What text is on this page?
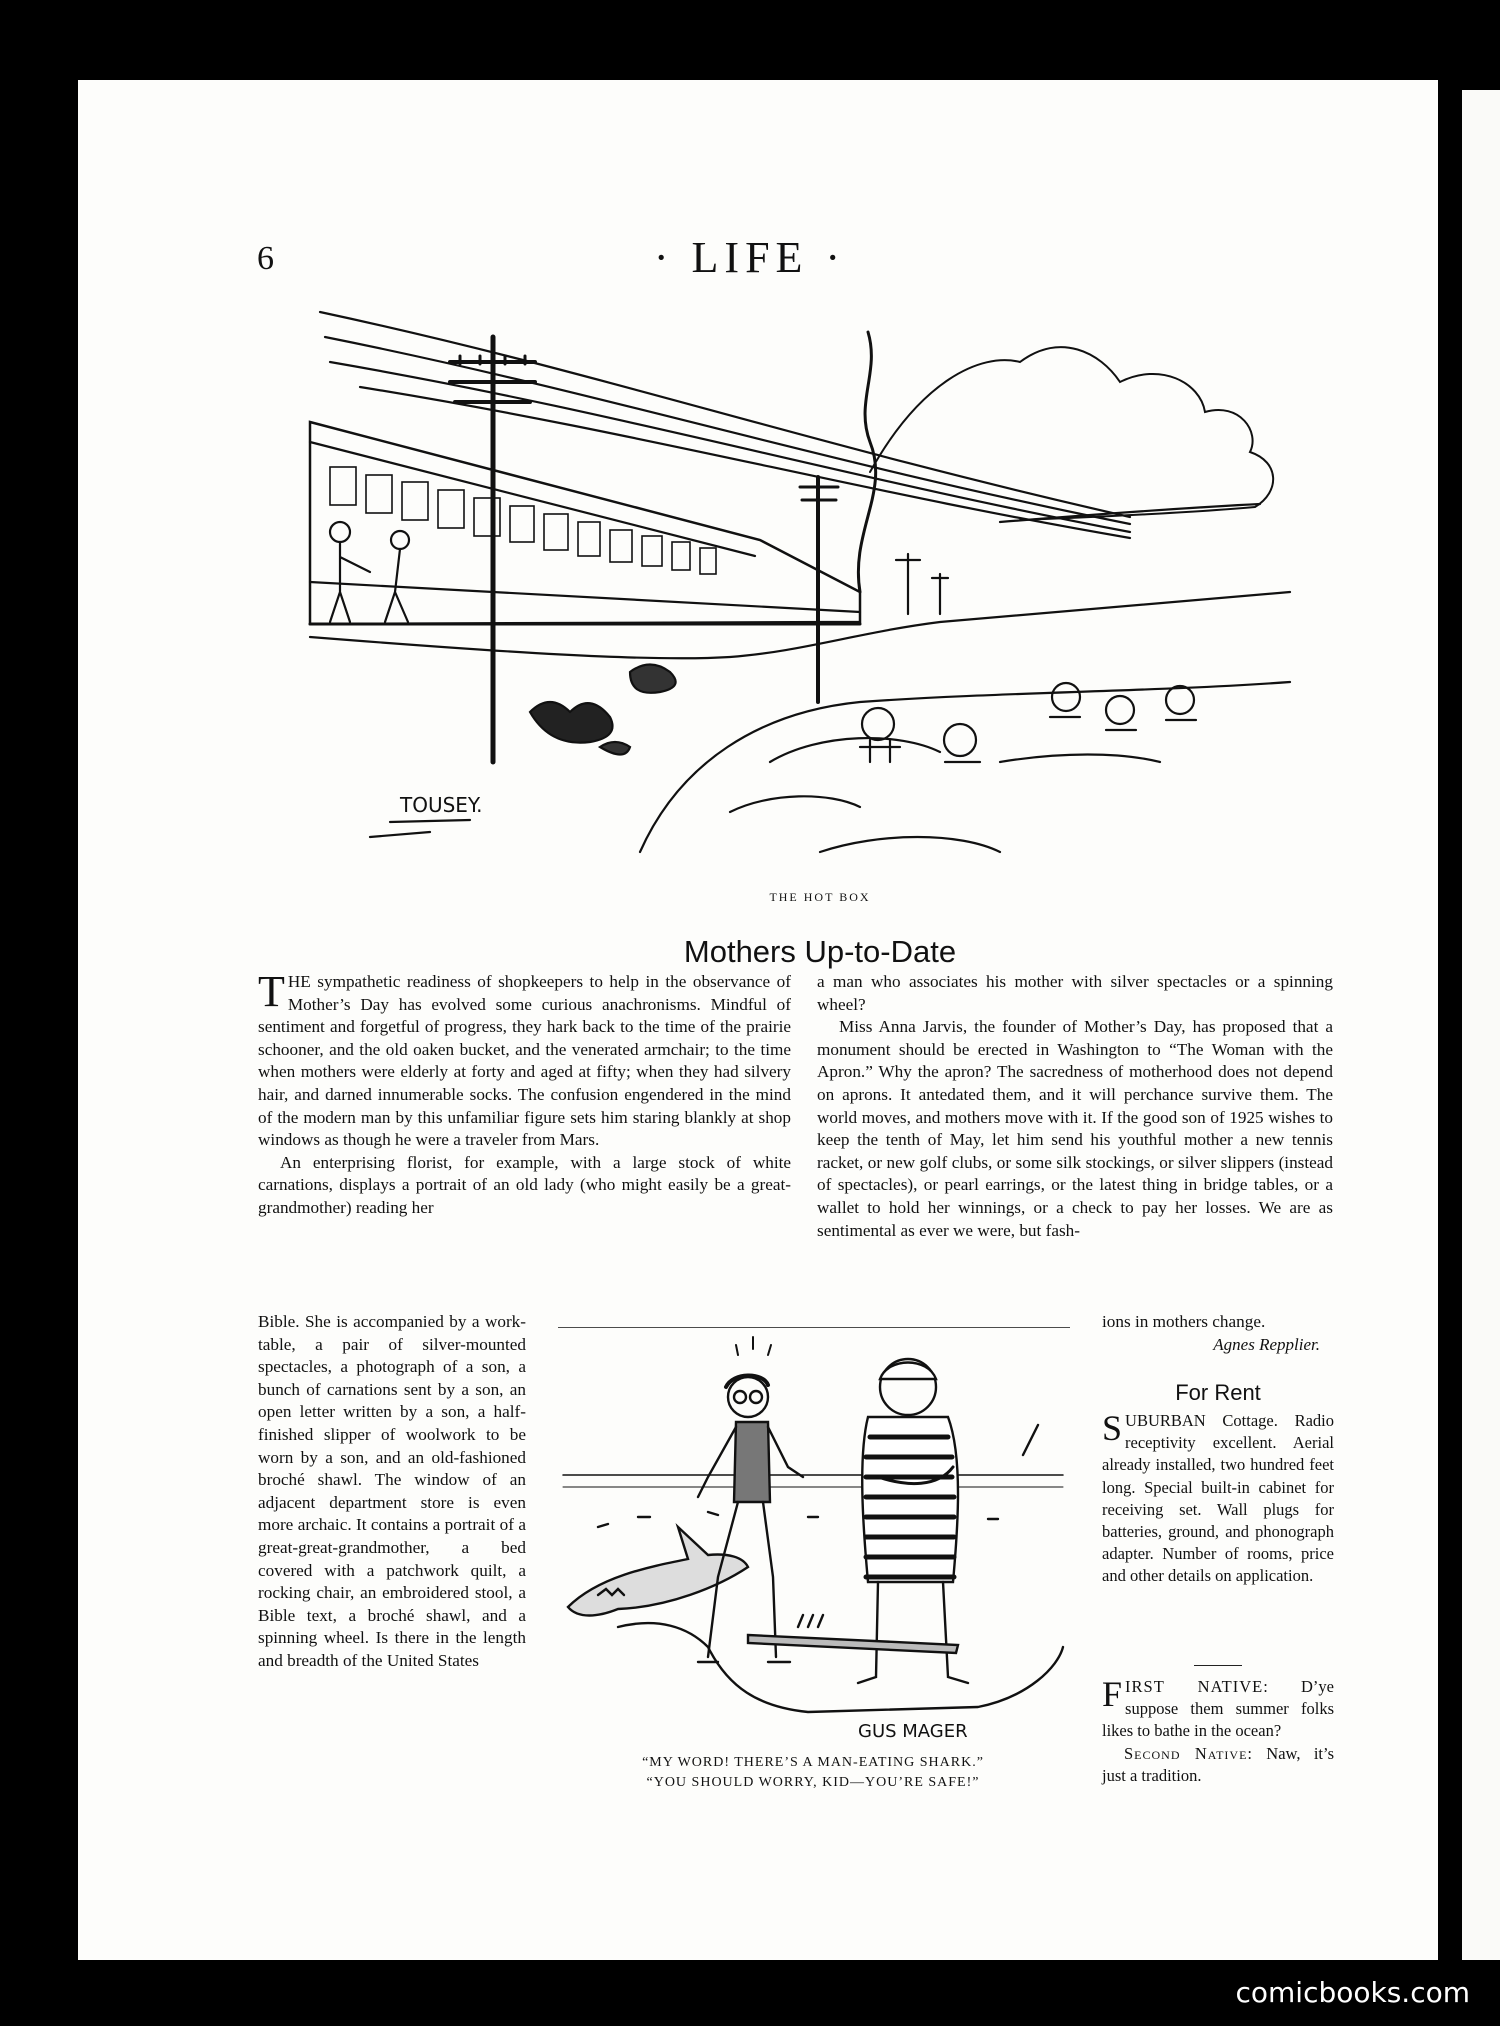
6	· LIFE ·
TOUSEY.
THE HOT BOX
Mothers Up-to-Date

THE sympathetic readiness of shopkeepers to help in the observance of Mother’s Day has evolved some curious anachronisms. Mindful of sentiment and forgetful of progress, they hark back to the time of the prairie schooner, and the old oaken bucket, and the venerated armchair; to the time when mothers were elderly at forty and aged at fifty; when they had silvery hair, and darned innumerable socks. The confusion engendered in the mind of the modern man by this unfamiliar figure sets him staring blankly at shop windows as though he were a traveler from Mars.

An enterprising florist, for example, with a large stock of white carnations, displays a portrait of an old lady (who might easily be a great-grandmother) reading her

Bible. She is accompanied by a work-table, a pair of silver-mounted spectacles, a photograph of a son, a bunch of carnations sent by a son, an open letter written by a son, a half-finished slipper of woolwork to be worn by a son, and an old-fashioned broché shawl. The window of an adjacent department store is even more archaic. It contains a portrait of a great-great-grandmother, a bed covered with a patchwork quilt, a rocking chair, an embroidered stool, a Bible text, a broché shawl, and a spinning wheel. Is there in the length and breadth of the United States

a man who associates his mother with silver spectacles or a spinning wheel?

Miss Anna Jarvis, the founder of Mother’s Day, has proposed that a monument should be erected in Washington to “The Woman with the Apron.” Why the apron? The sacredness of motherhood does not depend on aprons. It antedated them, and it will perchance survive them. The world moves, and mothers move with it. If the good son of 1925 wishes to keep the tenth of May, let him send his youthful mother a new tennis racket, or new golf clubs, or some silk stockings, or silver slippers (instead of spectacles), or pearl earrings, or the latest thing in bridge tables, or a wallet to hold her winnings, or a check to pay her losses. We are as sentimental as ever we were, but fash-

ions in mothers change.

Agnes Repplier.
GUS MAGER
“MY WORD! THERE’S A MAN-EATING SHARK.”
“YOU SHOULD WORRY, KID—YOU’RE SAFE!”
For Rent

SUBURBAN Cottage. Radio receptivity excellent. Aerial already installed, two hundred feet long. Special built-in cabinet for receiving set. Wall plugs for batteries, ground, and phonograph adapter. Number of rooms, price and other details on application.

FIRST NATIVE: D’ye suppose them summer folks likes to bathe in the ocean?

Second Native: Naw, it’s just a tradition.

comicbooks.com
